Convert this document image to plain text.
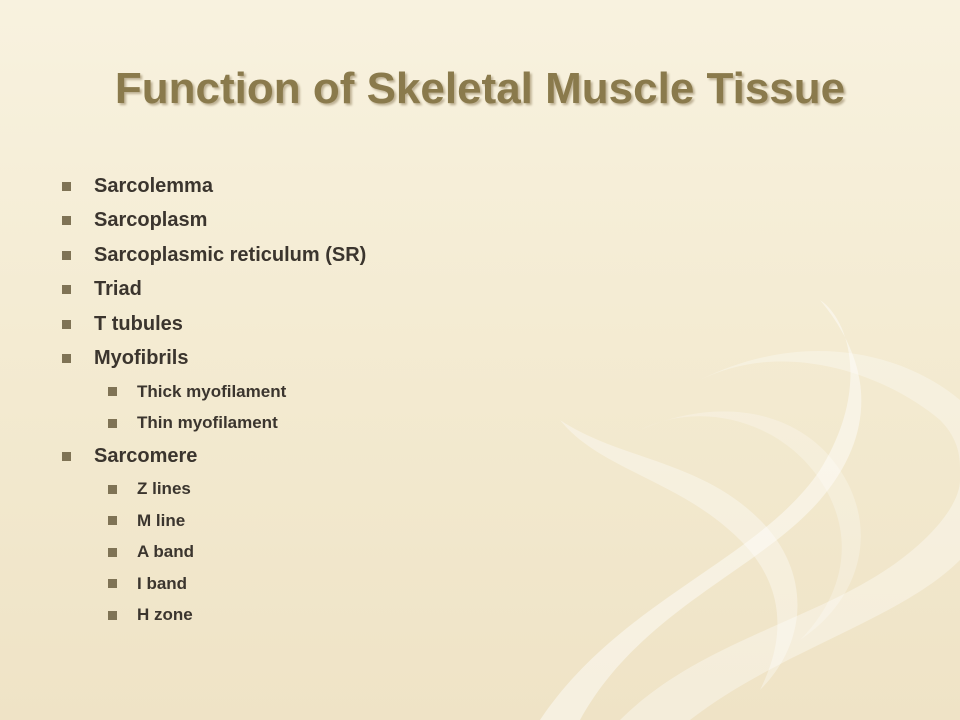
Function of Skeletal Muscle Tissue
Sarcolemma
Sarcoplasm
Sarcoplasmic reticulum (SR)
Triad
T tubules
Myofibrils
Thick myofilament
Thin myofilament
Sarcomere
Z lines
M line
A band
I band
H zone
